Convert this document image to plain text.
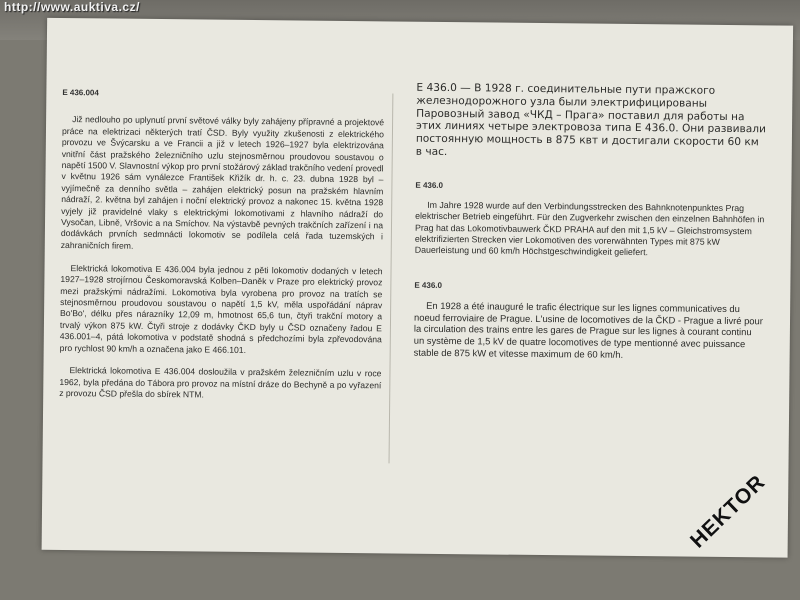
http://www.auktiva.cz/
E 436.004

Již nedlouho po uplynutí první světové války byly zahájeny přípravné a projektové práce na elektrizaci některých tratí ČSD. Byly využity zkušenosti z elektrického provozu ve Švýcarsku a ve Francii a již v letech 1926–1927 byla elektrizována vnitřní část pražského železničního uzlu stejnosměrnou proudovou soustavou o napětí 1500 V. Slavnostní výkop pro první stožárový základ trakčního vedení provedl v květnu 1926 sám vynálezce František Křižík dr. h. c. 23. dubna 1928 byl – vyjímečně za denního světla – zahájen elektrický posun na pražském hlavním nádraží, 2. května byl zahájen i noční elektrický provoz a nakonec 15. května 1928 vyjely již pravidelné vlaky s elektrickými lokomotivami z hlavního nádraží do Vysočan, Libně, Vršovic a na Smíchov. Na výstavbě pevných trakčních zařízení i na dodávkách prvních sedmnácti lokomotiv se podílela celá řada tuzemských i zahraničních firem.

Elektrická lokomotiva E 436.004 byla jednou z pěti lokomotiv dodaných v letech 1927–1928 strojírnou Českomoravská Kolben–Daněk v Praze pro elektrický provoz mezi pražskými nádražími. Lokomotiva byla vyrobena pro provoz na tratích se stejnosměrnou proudovou soustavou o napětí 1,5 kV, měla uspořádání náprav Bo'Bo', délku přes nárazníky 12,09 m, hmotnost 65,6 tun, čtyři trakční motory a trvalý výkon 875 kW. Čtyři stroje z dodávky ČKD byly u ČSD označeny řadou E 436.001–4, pátá lokomotiva v podstatě shodná s předchozími byla zpřevodována pro rychlost 90 km/h a označena jako E 466.101.

Elektrická lokomotiva E 436.004 dosloužila v pražském železničním uzlu v roce 1962, byla předána do Tábora pro provoz na místní dráze do Bechyně a po vyřazení z provozu ČSD přešla do sbírek NTM.

E 436.0 — В 1928 г. соединительные пути пражского железнодорожного узла были электрифицированы Паровозный завод «ЧКД – Прага» поставил для работы на этих линиях четыре электровоза типа Е 436.0. Они развивали постоянную мощность в 875 квт и достигали скорости 60 км в час.

E 436.0

Im Jahre 1928 wurde auf den Verbindungsstrecken des Bahnknotenpunktes Prag elektrischer Betrieb eingeführt. Für den Zugverkehr zwischen den einzelnen Bahnhöfen in Prag hat das Lokomotivbauwerk ČKD PRAHA auf den mit 1,5 kV – Gleichstromsystem elektrifizierten Strecken vier Lokomotiven des vorerwähnten Types mit 875 kW Dauerleistung und 60 km/h Höchstgeschwindigkeit geliefert.

E 436.0

En 1928 a été inauguré le trafic électrique sur les lignes communicatives du noeud ferroviaire de Prague. L'usine de locomotives de la ČKD - Prague a livré pour la circulation des trains entre les gares de Prague sur les lignes à courant continu un système de 1,5 kV de quatre locomotives de type mentionné avec puissance stable de 875 kW et vitesse maximum de 60 km/h.

HEKTOR
